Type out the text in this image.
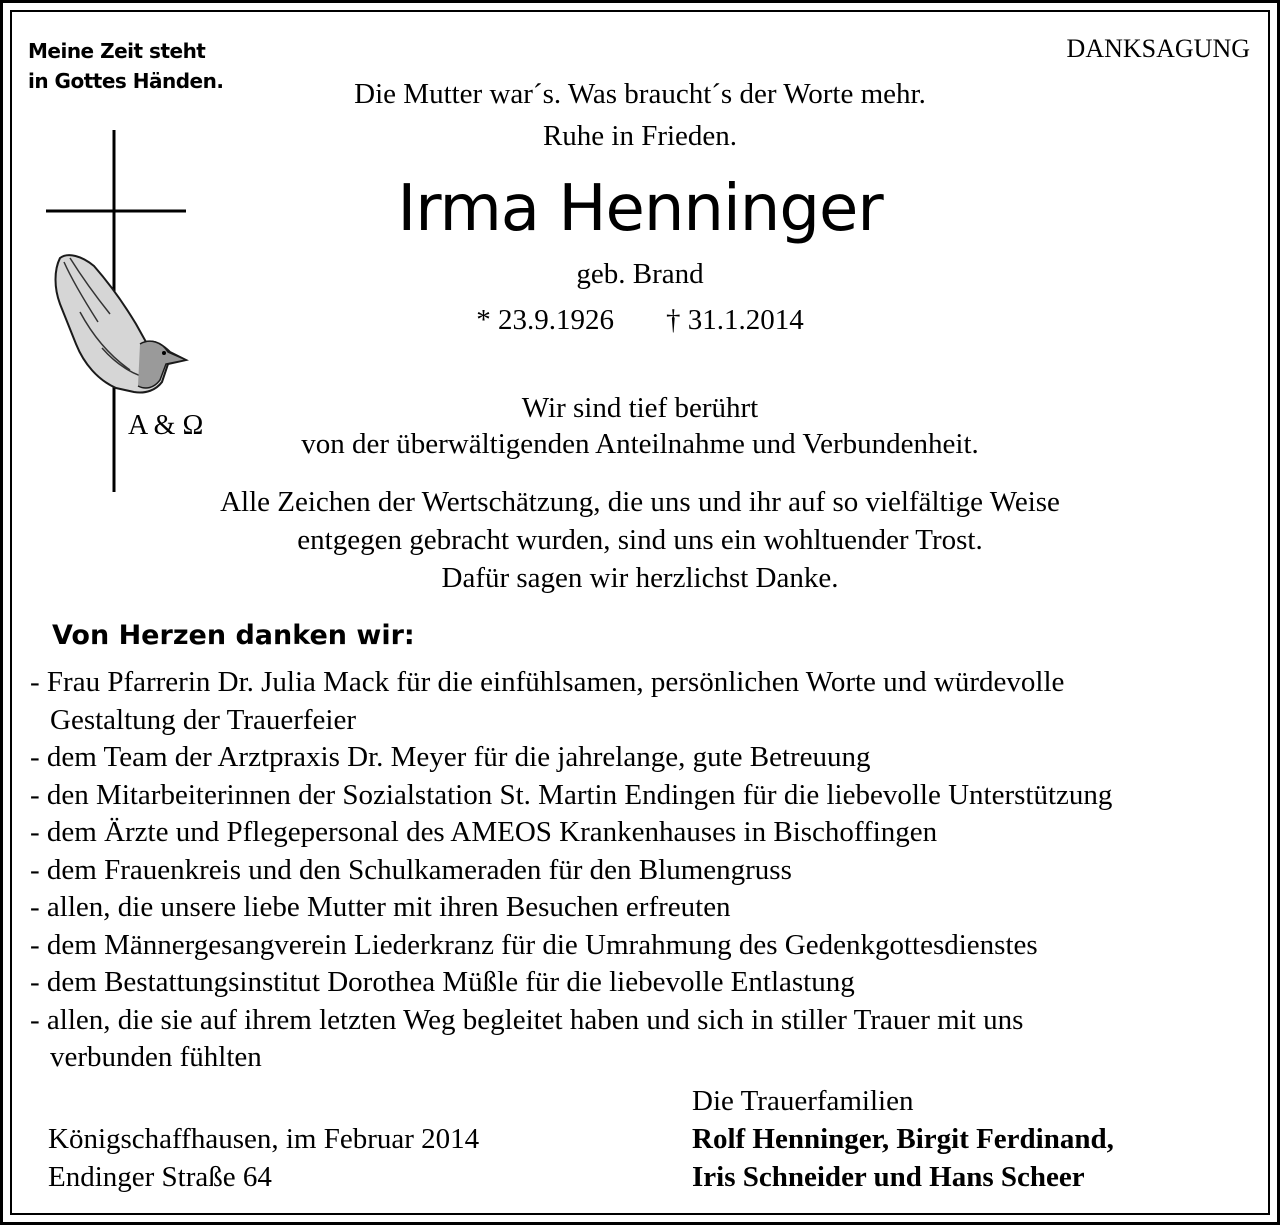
Meine Zeit steht
in Gottes Händen.
DANKSAGUNG
Die Mutter war´s. Was braucht´s der Worte mehr.
Ruhe in Frieden.
Irma Henninger
geb. Brand
* 23.9.1926 † 31.1.2014
A & Ω
Wir sind tief berührt
von der überwältigenden Anteilnahme und Verbundenheit.
Alle Zeichen der Wertschätzung, die uns und ihr auf so vielfältige Weise
entgegen gebracht wurden, sind uns ein wohltuender Trost.
Dafür sagen wir herzlichst Danke.
Von Herzen danken wir:
- Frau Pfarrerin Dr. Julia Mack für die einfühlsamen, persönlichen Worte und würdevolle
Gestaltung der Trauerfeier
- dem Team der Arztpraxis Dr. Meyer für die jahrelange, gute Betreuung
- den Mitarbeiterinnen der Sozialstation St. Martin Endingen für die liebevolle Unterstützung
- dem Ärzte und Pflegepersonal des AMEOS Krankenhauses in Bischoffingen
- dem Frauenkreis und den Schulkameraden für den Blumengruss
- allen, die unsere liebe Mutter mit ihren Besuchen erfreuten
- dem Männergesangverein Liederkranz für die Umrahmung des Gedenkgottesdienstes
- dem Bestattungsinstitut Dorothea Müßle für die liebevolle Entlastung
- allen, die sie auf ihrem letzten Weg begleitet haben und sich in stiller Trauer mit uns
verbunden fühlten
Königschaffhausen, im Februar 2014
Endinger Straße 64
Die Trauerfamilien
Rolf Henninger, Birgit Ferdinand,
Iris Schneider und Hans Scheer
